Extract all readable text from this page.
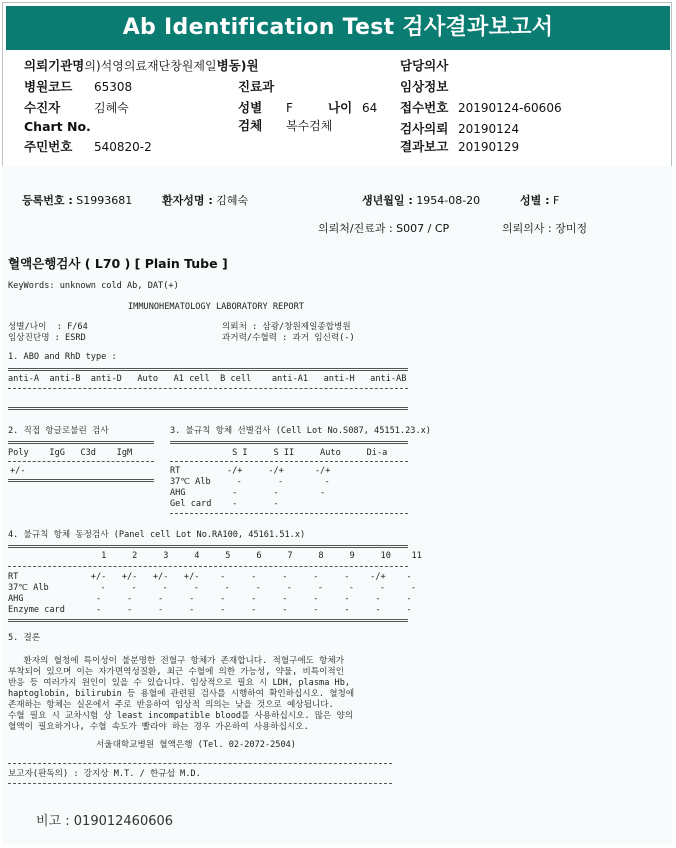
Ab Identification Test 검사결과보고서
의뢰기관명의)석영의료재단창원제일병동)원	담당의사
병원코드 65308	진료과	임상정보
수진자	김혜숙	성별 F	나이 64 접수번호 20190124-60606
Chart No.	검체 복수검체	검사의뢰 20190124
주민번호 540820-2	결과보고 20190129
등록번호 : S1993681	환자성명 : 김혜숙	생년월일 : 1954-08-20	성별 : F
의뢰처/진료과 : S007 / CP	의뢰의사 : 장미정
혈액은행검사 ( L70 ) [ Plain Tube ]
KeyWords: unknown cold Ab, DAT(+)
IMMUNOHEMATOLOGY LABORATORY REPORT
성별/나이  : F/64
임상진단명 : ESRD
의뢰처 : 삼광/창원제일종합병원
과거력/수혈력 : 과거 임신력(-)
1. ABO and RhD type :
anti-A  anti-B  anti-D   Auto   A1 cell  B cell    anti-A1   anti-H   anti-AB
2. 직접 항글로불린 검사	3. 불규칙 항체 선별검사 (Cell Lot No.S087, 45151.23.x)
Poly    IgG   C3d    IgM	S I     S II     Auto     Di-a
+/-	RT         -/+     -/+      -/+
37℃ Alb     -       -        -
AHG         -       -        -
Gel card    -       -
4. 불규칙 항체 동정검사 (Panel cell Lot No.RA100, 45161.51.x)
1     2     3     4     5     6     7     8     9     10    11
RT              +/-   +/-   +/-   +/-    -     -     -     -     -    -/+    -
37℃ Alb          -     -     -     -     -     -     -     -     -     -     -
AHG              -     -     -     -     -     -     -     -     -     -     -
Enzyme card      -     -     -     -     -     -     -     -     -     -     -
5. 결론
환자의 혈청에 특이성이 불분명한 전혈구 항체가 존재합니다. 적혈구에도 항체가
부착되어 있으며 이는 자가면역성질환, 최근 수혈에 의한 가능성, 약물, 비특이적인
반응 등 여러가지 원인이 있을 수 있습니다. 임상적으로 필요 시 LDH, plasma Hb,
haptoglobin, bilirubin 등 용혈에 관련된 검사를 시행하여 확인하십시오. 혈청에
존재하는 항체는 실온에서 주로 반응하여 임상적 의의는 낮을 것으로 예상됩니다.
수혈 필요 시 교차시험 상 least incompatible blood를 사용하십시오. 많은 양의
혈액이 필요하거나, 수혈 속도가 빨라야 하는 경우 가온하여 사용하십시오.
서울대학교병원 혈액은행 (Tel. 02-2072-2504)
보고자(판독의) : 강지상 M.T. / 한규섭 M.D.
비고 : 019012460606
